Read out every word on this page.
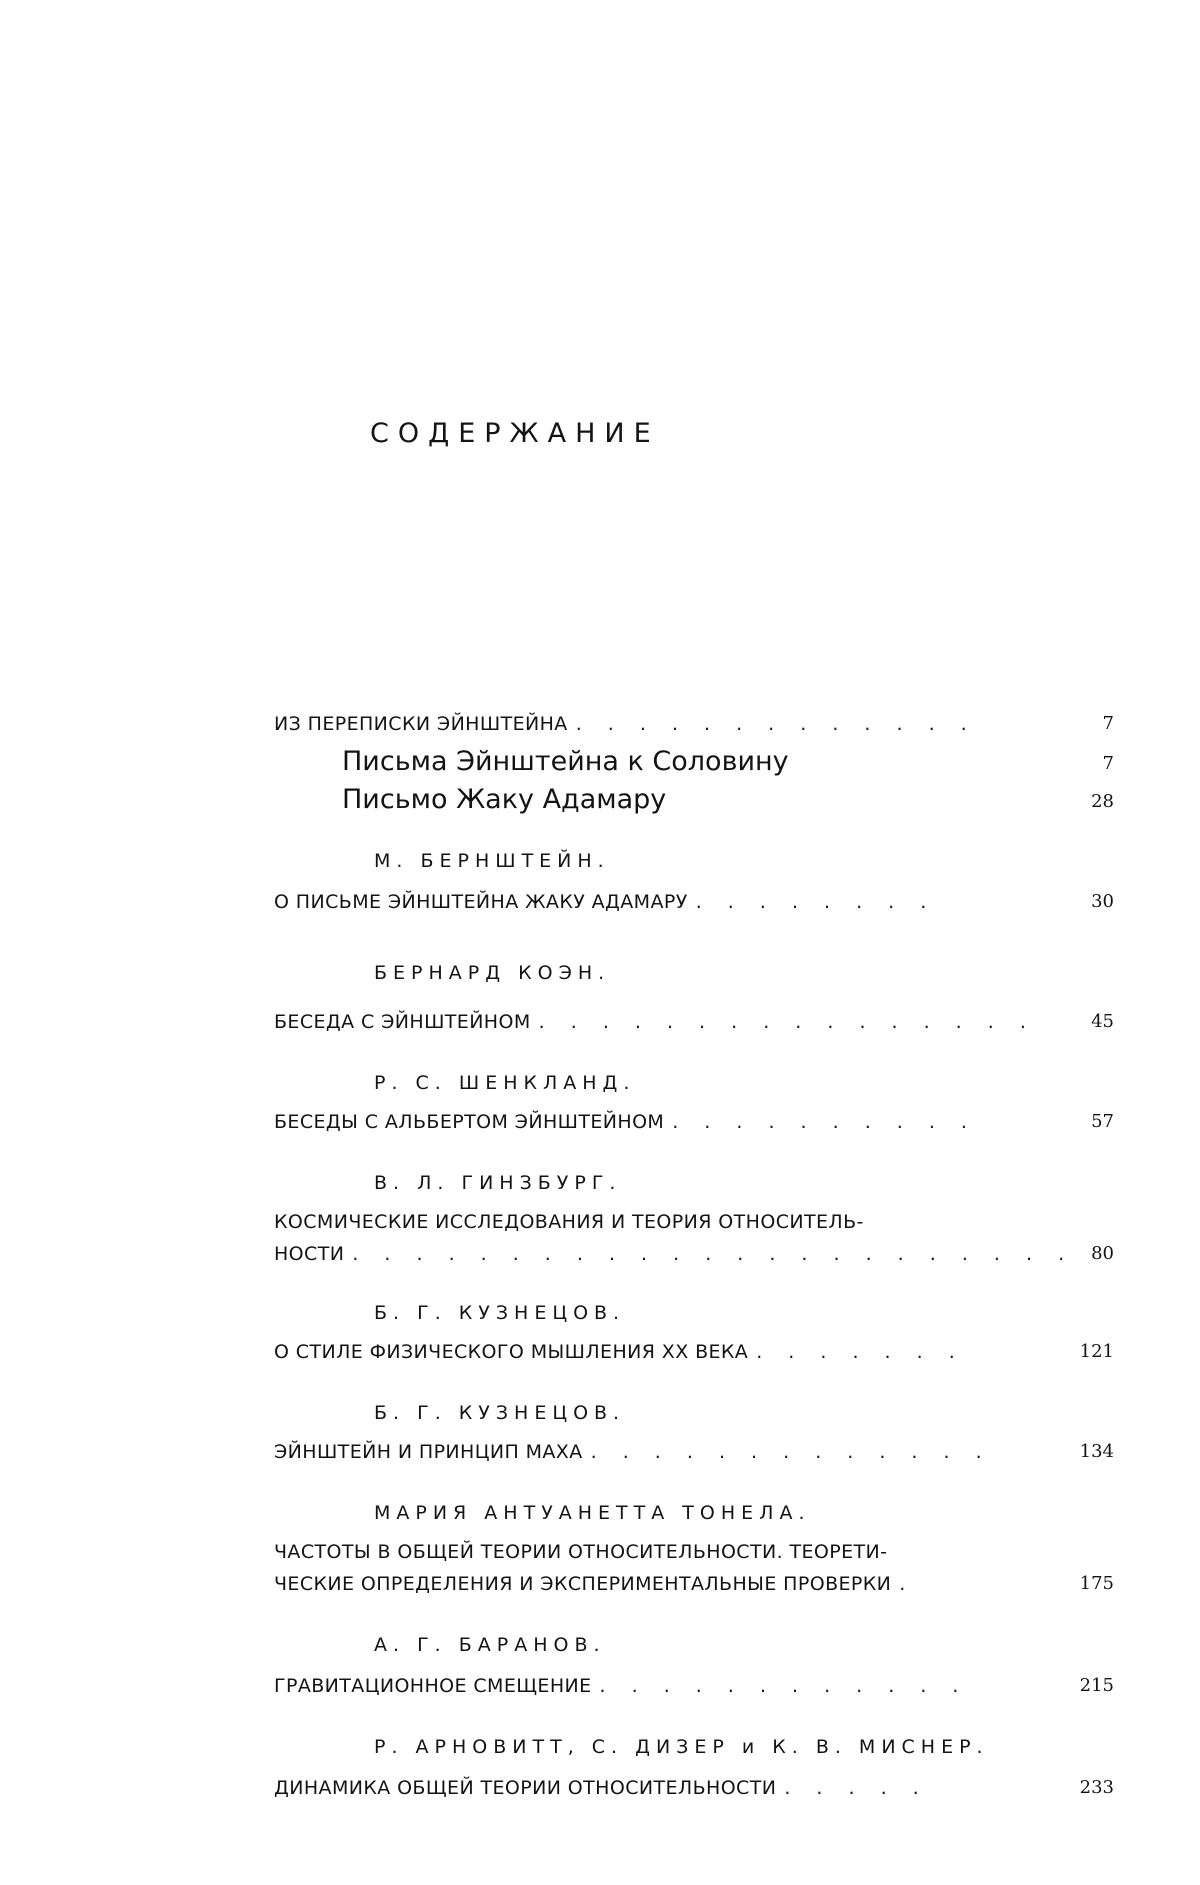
СОДЕРЖАНИЕ
ИЗ ПЕРЕПИСКИ ЭЙНШТЕЙНА . . . . . . . . . . . . .	7
Письма Эйнштейна к Соловину	7
Письмо Жаку Адамару	28
М. БЕРНШТЕЙН.
О ПИСЬМЕ ЭЙНШТЕЙНА ЖАКУ АДАМАРУ . . . . . . . .	30
БЕРНАРД КОЭН.
БЕСЕДА С ЭЙНШТЕЙНОМ . . . . . . . . . . . . . . . .	45
Р. С. ШЕНКЛАНД.
БЕСЕДЫ С АЛЬБЕРТОМ ЭЙНШТЕЙНОМ . . . . . . . . . .	57
В. Л. ГИНЗБУРГ.
КОСМИЧЕСКИЕ ИССЛЕДОВАНИЯ И ТЕОРИЯ ОТНОСИТЕЛЬ-
НОСТИ . . . . . . . . . . . . . . . . . . . . . . . 80
Б. Г. КУЗНЕЦОВ.
О СТИЛЕ ФИЗИЧЕСКОГО МЫШЛЕНИЯ XX ВЕКА . . . . . . .	121
Б. Г. КУЗНЕЦОВ.
ЭЙНШТЕЙН И ПРИНЦИП МАХА . . . . . . . . . . . . .	134
МАРИЯ АНТУАНЕТТА ТОНЕЛА.
ЧАСТОТЫ В ОБЩЕЙ ТЕОРИИ ОТНОСИТЕЛЬНОСТИ. ТЕОРЕТИ-
ЧЕСКИЕ ОПРЕДЕЛЕНИЯ И ЭКСПЕРИМЕНТАЛЬНЫЕ ПРОВЕРКИ .	175
А. Г. БАРАНОВ.
ГРАВИТАЦИОННОЕ СМЕЩЕНИЕ . . . . . . . . . . . .	215
Р. АРНОВИТТ, С. ДИЗЕР и К. В. МИСНЕР.
ДИНАМИКА ОБЩЕЙ ТЕОРИИ ОТНОСИТЕЛЬНОСТИ . . . . .	233
